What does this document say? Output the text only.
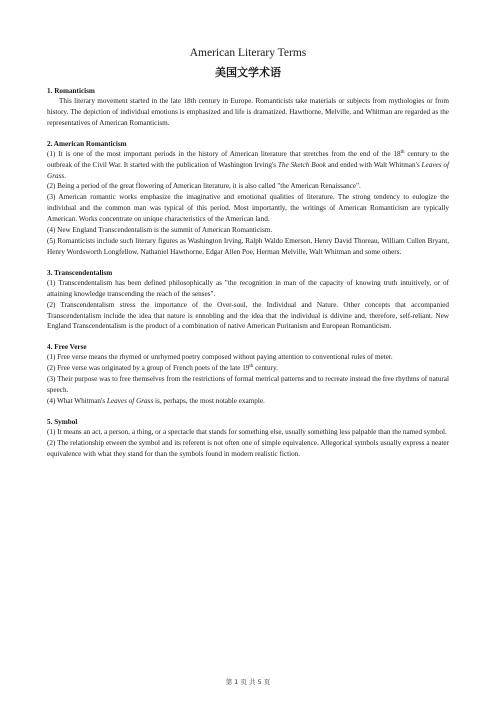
American Literary Terms

美国文学术语

1. Romanticism

This literary movement started in the late 18th century in Europe. Romanticists take materials or subjects from mythologies or from history. The depiction of individual emotions is emphasized and life is dramatized. Hawthorne, Melville, and Whitman are regarded as the representatives of American Romanticism.

2. American Romanticism

(1) It is one of the most important periods in the history of American literature that stretches from the end of the 18th century to the outbreak of the Civil War. It started with the publication of Washington Irving's The Sketch Book and ended with Walt Whitman's Leaves of Grass.

(2) Being a period of the great flowering of American literature, it is also called "the American Renaissance".

(3) American romantic works emphasize the imaginative and emotional qualities of literature. The strong tendency to eulogize the individual and the common man was typical of this period. Most importantly, the writings of American Romanticism are typically American. Works concentrate on unique characteristics of the American land.

(4) New England Transcendentalism is the summit of American Romanticism.

(5) Romanticists include such literary figures as Washington Irving, Ralph Waldo Emerson, Henry David Thoreau, William Cullen Bryant, Henry Wordsworth Longfellow, Nathaniel Hawthorne, Edgar Allen Poe, Herman Melville, Walt Whitman and some others.

3. Transcendentalism

(1) Transcendentalism has been defined philosophically as "the recognition in man of the capacity of knowing truth intuitively, or of attaining knowledge transcending the reach of the senses".

(2) Transcendentalism stress the importance of the Over-soul, the Individual and Nature. Other concepts that accompanied Transcendentalism include the idea that nature is ennobling and the idea that the individual is ddivine and, therefore, self-reliant. New England Transcendentalism is the product of a combination of native American Puritanism and European Romanticism.

4. Free Verse

(1) Free verse means the rhymed or unrhymed poetry composed without paying attention to conventional rules of meter.

(2) Free verse was originated by a group of French poets of the late 19th century.

(3) Their purpose was to free themselves from the restrictions of formal metrical patterns and to recreate instead the free rhythms of natural speech.

(4) What Whitman's Leaves of Grass is, perhaps, the most notable example.

5. Symbol

(1) It means an act, a person, a thing, or a spectacle that stands for something else, usually something less palpable than the named symbol.

(2) The relationship etween the symbol and its referent is not often one of simple equivalence. Allegorical symbols usually express a neater equivalence with what they stand for than the symbols found in modern realistic fiction.

第 1 页 共 5 页
